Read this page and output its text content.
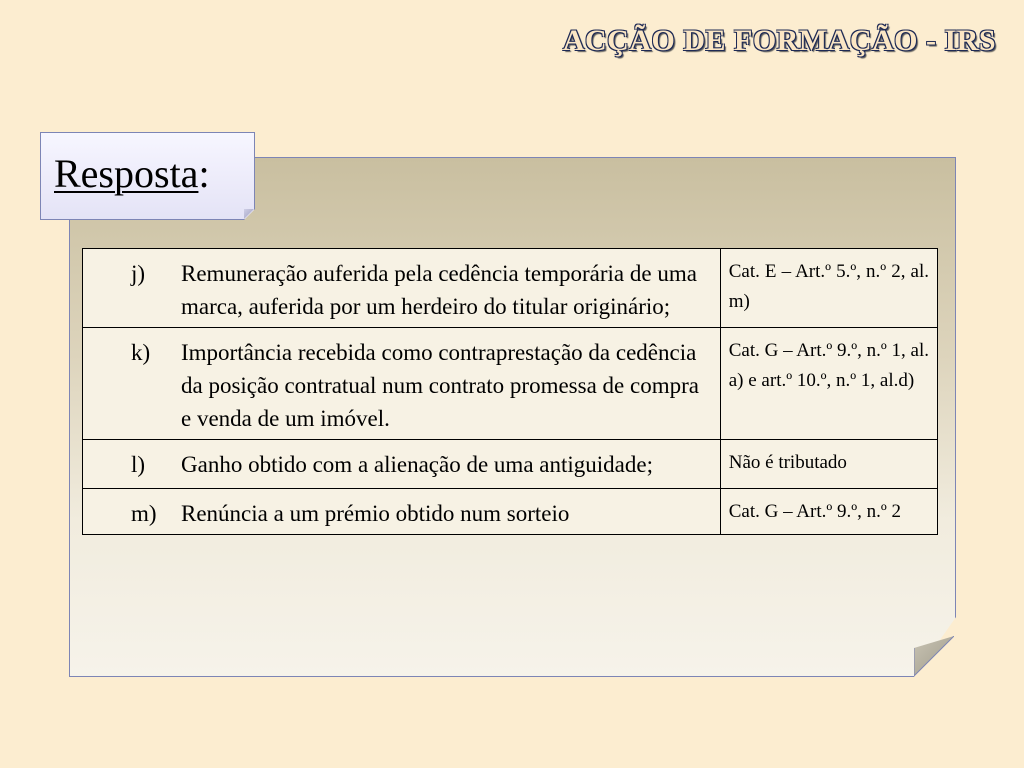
ACÇÃO DE FORMAÇÃO - IRS
Resposta:
j) Remuneração auferida pela cedência temporária de uma marca, auferida por um herdeiro do titular originário;	Cat. E – Art.º 5.º, n.º 2, al. m)

k) Importância recebida como contraprestação da cedência da posição contratual num contrato promessa de compra e venda de um imóvel.	Cat. G – Art.º 9.º, n.º 1, al. a) e art.º 10.º, n.º 1, al.d)

l) Ganho obtido com a alienação de uma antiguidade;	Não é tributado

m) Renúncia a um prémio obtido num sorteio	Cat. G – Art.º 9.º, n.º 2
